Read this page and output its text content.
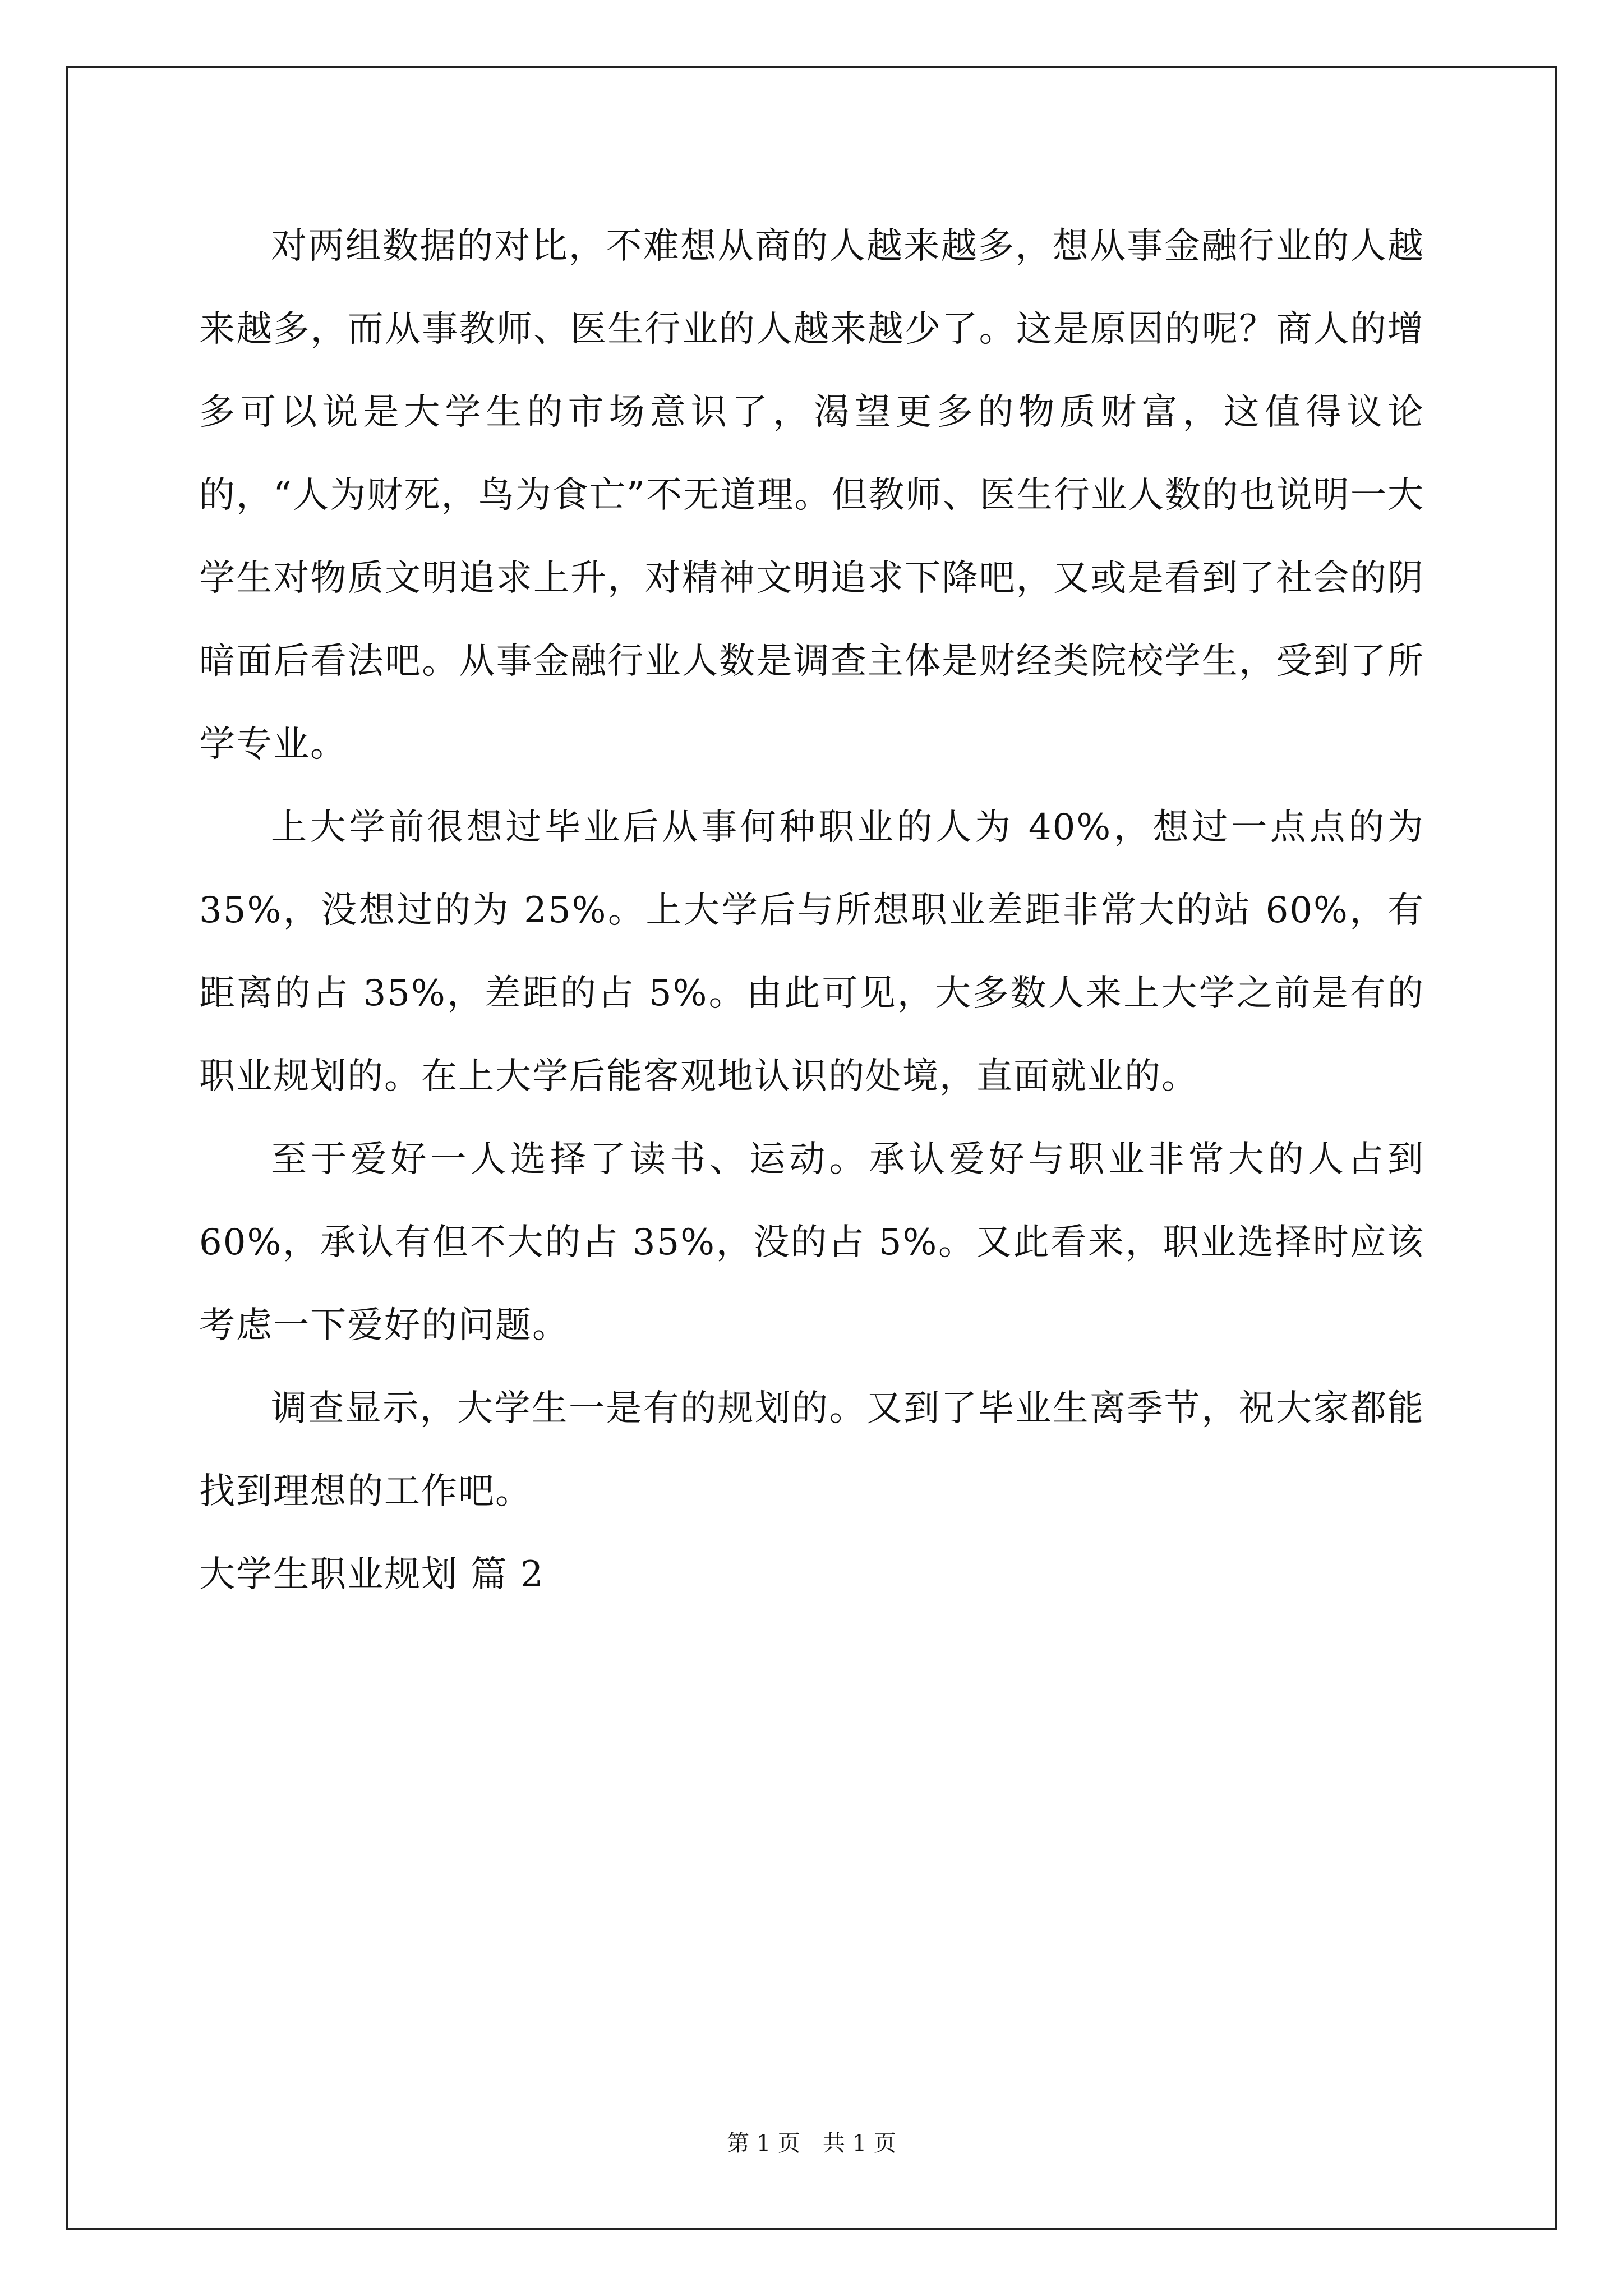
对两组数据的对比，不难想从商的人越来越多，想从事金融行业的人越来越多，而从事教师、医生行业的人越来越少了。这是原因的呢？商人的增多可以说是大学生的市场意识了，渴望更多的物质财富，这值得议论的，“人为财死，鸟为食亡”不无道理。但教师、医生行业人数的也说明一大学生对物质文明追求上升，对精神文明追求下降吧，又或是看到了社会的阴暗面后看法吧。从事金融行业人数是调查主体是财经类院校学生，受到了所学专业。

上大学前很想过毕业后从事何种职业的人为 40%，想过一点点的为 35%，没想过的为 25%。上大学后与所想职业差距非常大的站 60%，有距离的占 35%，差距的占 5%。由此可见，大多数人来上大学之前是有的职业规划的。在上大学后能客观地认识的处境，直面就业的。

至于爱好一人选择了读书、运动。承认爱好与职业非常大的人占到 60%，承认有但不大的占 35%，没的占 5%。又此看来，职业选择时应该考虑一下爱好的问题。

调查显示，大学生一是有的规划的。又到了毕业生离季节，祝大家都能找到理想的工作吧。

大学生职业规划 篇 2

第 1 页 共 1 页
